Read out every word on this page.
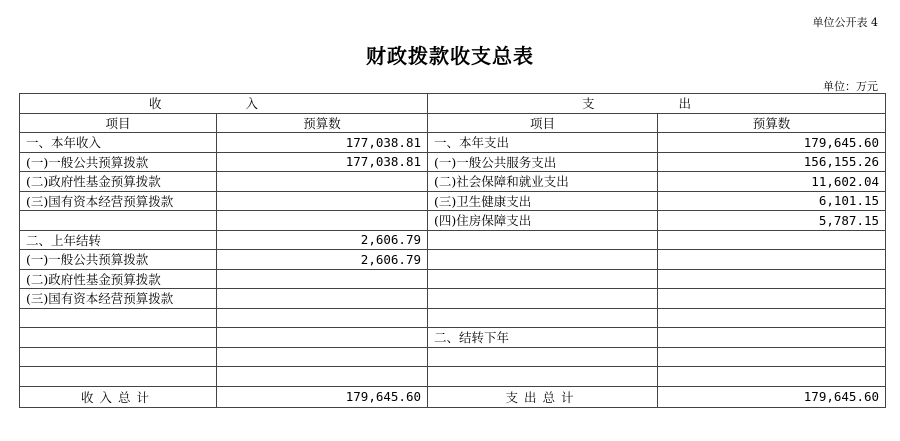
单位公开表 4
财政拨款收支总表
单位：万元
收 入		支 出	
项目	预算数	项目	预算数
一、本年收入	177,038.81	一、本年支出	179,645.60
(一)一般公共预算拨款	177,038.81	(一)一般公共服务支出	156,155.26
(二)政府性基金预算拨款		(二)社会保障和就业支出	11,602.04
(三)国有资本经营预算拨款		(三)卫生健康支出	6,101.15
		(四)住房保障支出	5,787.15
二、上年结转	2,606.79		
(一)一般公共预算拨款	2,606.79		
(二)政府性基金预算拨款			
(三)国有资本经营预算拨款			

		二、结转下年	

收入总计	179,645.60	支出总计	179,645.60
